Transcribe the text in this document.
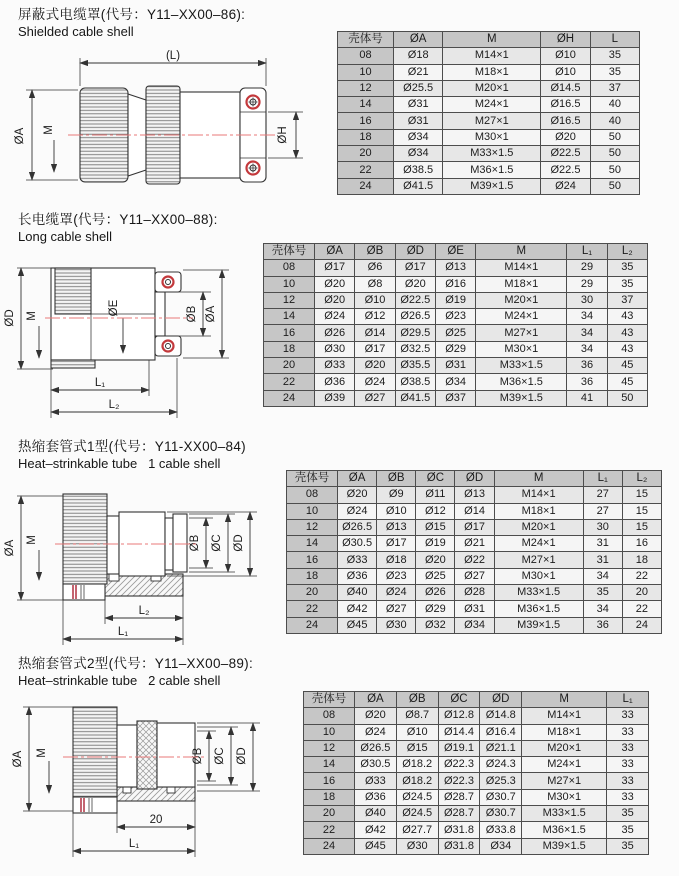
屏蔽式电缆罩(代号：Y11–XX00–86):
Shielded cable shell
(L)
ØA M	ØH
壳体号	ØA	M	ØH	L
08	Ø18	M14×1	Ø10	35
10	Ø21	M18×1	Ø10	35
12	Ø25.5	M20×1	Ø14.5	37
14	Ø31	M24×1	Ø16.5	40
16	Ø31	M27×1	Ø16.5	40
18	Ø34	M30×1	Ø20	50
20	Ø34	M33×1.5	Ø22.5	50
22	Ø38.5	M36×1.5	Ø22.5	50
24	Ø41.5	M39×1.5	Ø24	50
长电缆罩(代号：Y11–XX00–88):
Long cable shell
ØD M	ØE	ØB ØA
L₁
L₂
壳体号	ØA	ØB	ØD	ØE	M	L₁	L₂
08	Ø17	Ø6	Ø17	Ø13	M14×1	29	35
10	Ø20	Ø8	Ø20	Ø16	M18×1	29	35
12	Ø20	Ø10	Ø22.5	Ø19	M20×1	30	37
14	Ø24	Ø12	Ø26.5	Ø23	M24×1	34	43
16	Ø26	Ø14	Ø29.5	Ø25	M27×1	34	43
18	Ø30	Ø17	Ø32.5	Ø29	M30×1	34	43
20	Ø33	Ø20	Ø35.5	Ø31	M33×1.5	36	45
22	Ø36	Ø24	Ø38.5	Ø34	M36×1.5	36	45
24	Ø39	Ø27	Ø41.5	Ø37	M39×1.5	41	50
热缩套管式1型(代号：Y11-XX00–84)
Heat–strinkable tube   1 cable shell
ØA M	ØB ØC ØD
L₂
L₁
壳体号	ØA	ØB	ØC	ØD	M	L₁	L₂
08	Ø20	Ø9	Ø11	Ø13	M14×1	27	15
10	Ø24	Ø10	Ø12	Ø14	M18×1	27	15
12	Ø26.5	Ø13	Ø15	Ø17	M20×1	30	15
14	Ø30.5	Ø17	Ø19	Ø21	M24×1	31	16
16	Ø33	Ø18	Ø20	Ø22	M27×1	31	18
18	Ø36	Ø23	Ø25	Ø27	M30×1	34	22
20	Ø40	Ø24	Ø26	Ø28	M33×1.5	35	20
22	Ø42	Ø27	Ø29	Ø31	M36×1.5	34	22
24	Ø45	Ø30	Ø32	Ø34	M39×1.5	36	24
热缩套管式2型(代号：Y11–XX00–89):
Heat–strinkable tube   2 cable shell
ØA M	ØB ØC ØD
20
L₁
壳体号	ØA	ØB	ØC	ØD	M	L₁
08	Ø20	Ø8.7	Ø12.8	Ø14.8	M14×1	33
10	Ø24	Ø10	Ø14.4	Ø16.4	M18×1	33
12	Ø26.5	Ø15	Ø19.1	Ø21.1	M20×1	33
14	Ø30.5	Ø18.2	Ø22.3	Ø24.3	M24×1	33
16	Ø33	Ø18.2	Ø22.3	Ø25.3	M27×1	33
18	Ø36	Ø24.5	Ø28.7	Ø30.7	M30×1	33
20	Ø40	Ø24.5	Ø28.7	Ø30.7	M33×1.5	35
22	Ø42	Ø27.7	Ø31.8	Ø33.8	M36×1.5	35
24	Ø45	Ø30	Ø31.8	Ø34	M39×1.5	35
